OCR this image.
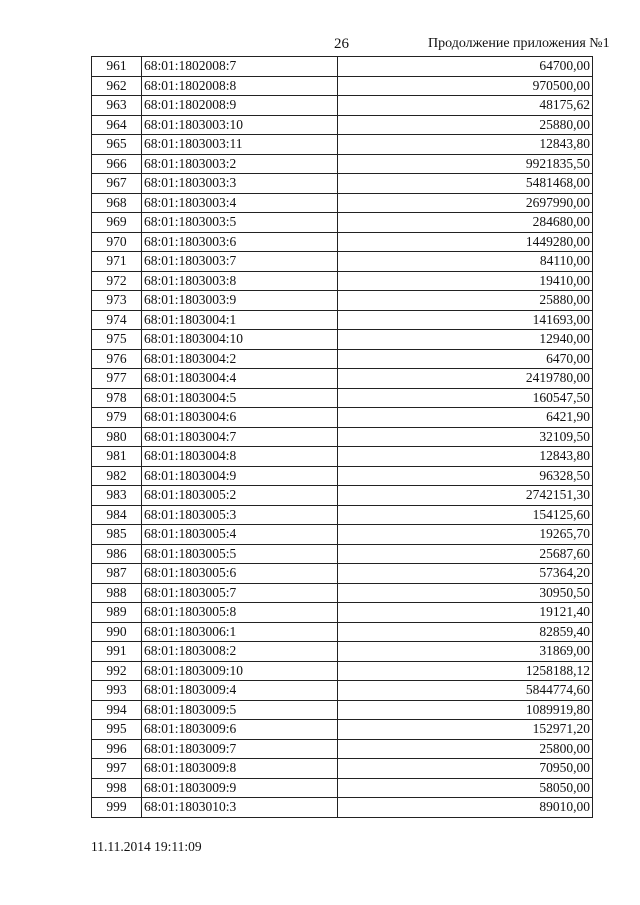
26	Продолжение приложения №1
961	68:01:1802008:7	64700,00
962	68:01:1802008:8	970500,00
963	68:01:1802008:9	48175,62
964	68:01:1803003:10	25880,00
965	68:01:1803003:11	12843,80
966	68:01:1803003:2	9921835,50
967	68:01:1803003:3	5481468,00
968	68:01:1803003:4	2697990,00
969	68:01:1803003:5	284680,00
970	68:01:1803003:6	1449280,00
971	68:01:1803003:7	84110,00
972	68:01:1803003:8	19410,00
973	68:01:1803003:9	25880,00
974	68:01:1803004:1	141693,00
975	68:01:1803004:10	12940,00
976	68:01:1803004:2	6470,00
977	68:01:1803004:4	2419780,00
978	68:01:1803004:5	160547,50
979	68:01:1803004:6	6421,90
980	68:01:1803004:7	32109,50
981	68:01:1803004:8	12843,80
982	68:01:1803004:9	96328,50
983	68:01:1803005:2	2742151,30
984	68:01:1803005:3	154125,60
985	68:01:1803005:4	19265,70
986	68:01:1803005:5	25687,60
987	68:01:1803005:6	57364,20
988	68:01:1803005:7	30950,50
989	68:01:1803005:8	19121,40
990	68:01:1803006:1	82859,40
991	68:01:1803008:2	31869,00
992	68:01:1803009:10	1258188,12
993	68:01:1803009:4	5844774,60
994	68:01:1803009:5	1089919,80
995	68:01:1803009:6	152971,20
996	68:01:1803009:7	25800,00
997	68:01:1803009:8	70950,00
998	68:01:1803009:9	58050,00
999	68:01:1803010:3	89010,00
11.11.2014 19:11:09
